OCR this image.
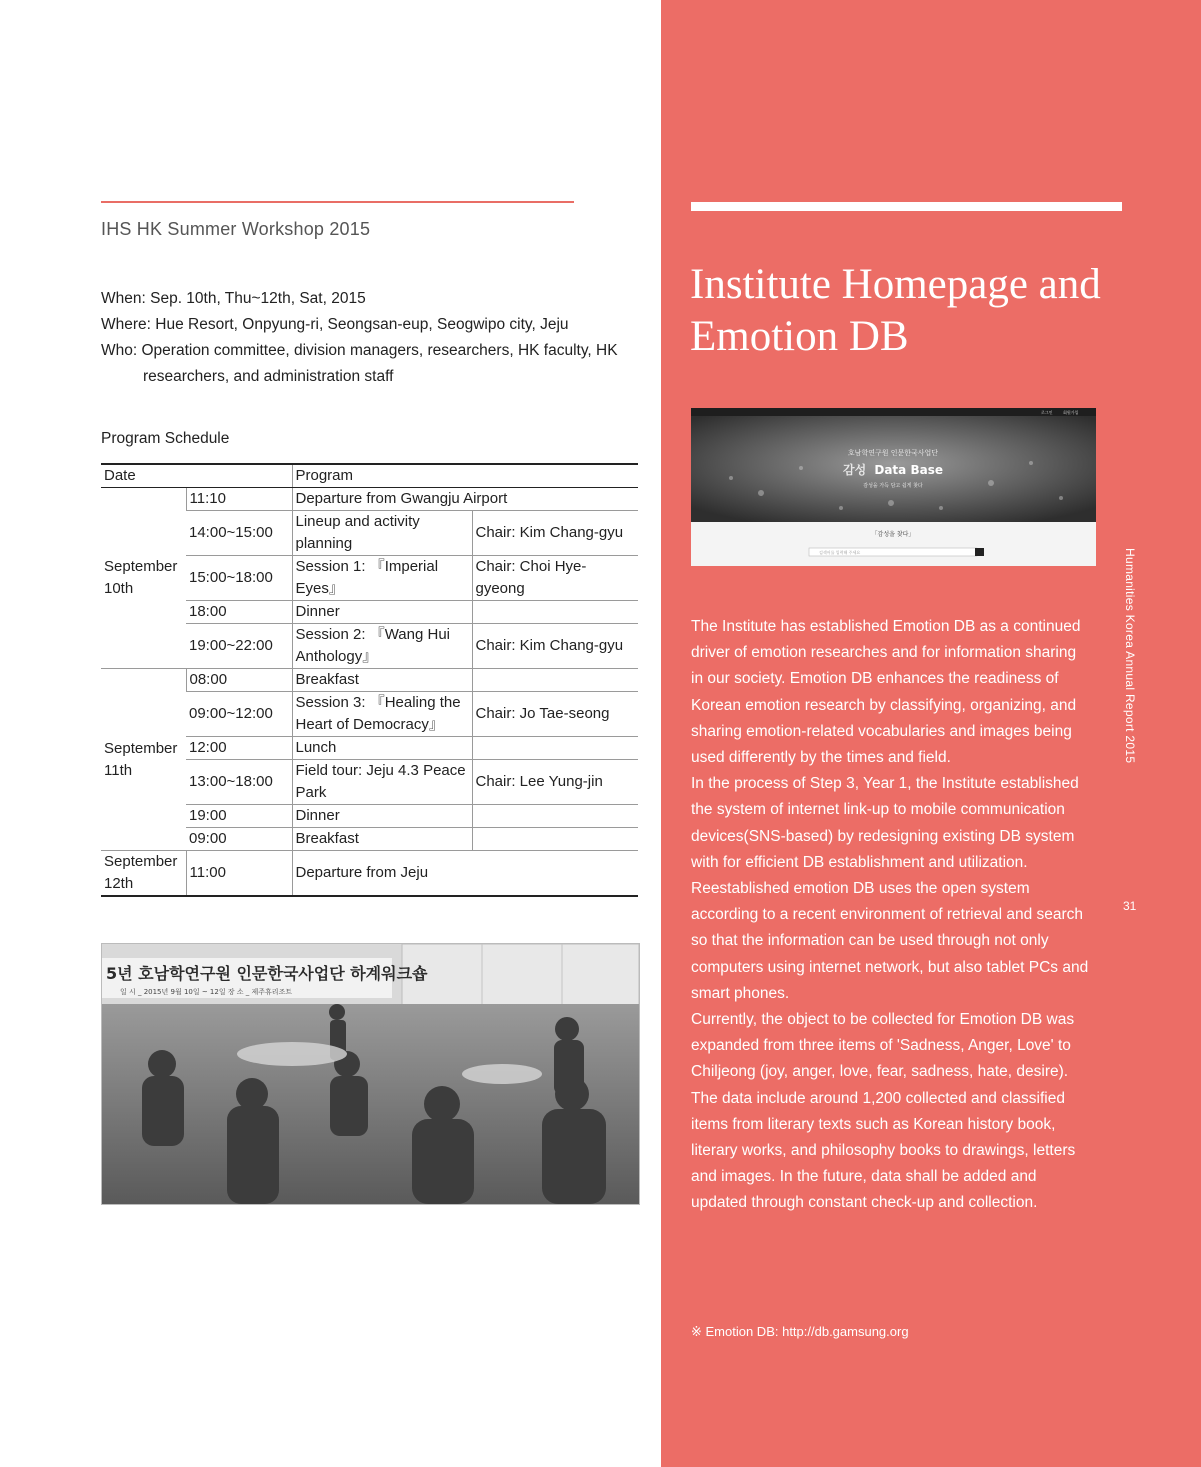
IHS HK Summer Workshop 2015
When: Sep. 10th, Thu~12th, Sat, 2015
Where: Hue Resort, Onpyung-ri, Seongsan-eup, Seogwipo city, Jeju
Who: Operation committee, division managers, researchers, HK faculty, HK
researchers, and administration staff
Program Schedule
Date		Program	
September 10th	11:10	Departure from Gwangju Airport	
	14:00~15:00	Lineup and activity planning	Chair: Kim Chang-gyu
	15:00~18:00	Session 1: 『Imperial Eyes』	Chair: Choi Hye-gyeong
	18:00	Dinner	
	19:00~22:00	Session 2: 『Wang Hui Anthology』	Chair: Kim Chang-gyu
September 11th	08:00	Breakfast	
	09:00~12:00	Session 3: 『Healing the Heart of Democracy』	Chair: Jo Tae-seong
	12:00	Lunch	
	13:00~18:00	Field tour: Jeju 4.3 Peace Park	Chair: Lee Yung-jin
	19:00	Dinner	
	09:00	Breakfast	
September 12th	11:00	Departure from Jeju	
5년 호남학연구원 인문한국사업단 하계워크숍
일 시 _ 2015년 9월 10일 ~ 12일 장 소 _ 제주휴리조트
Institute Homepage and Emotion DB
로그인	회원가입
호남학연구원 인문한국사업단
감성 Data Base
감성을 가득 담고 쉽게 찾다
「감성을 찾다」
검색어를 입력해 주세요

The Institute has established Emotion DB as a continued driver of emotion researches and for information sharing in our society. Emotion DB enhances the readiness of Korean emotion research by classifying, organizing, and sharing emotion-related vocabularies and images being used differently by the times and field.

In the process of Step 3, Year 1, the Institute established the system of internet link-up to mobile communication devices(SNS-based) by redesigning existing DB system with for efficient DB establishment and utilization. Reestablished emotion DB uses the open system according to a recent environment of retrieval and search so that the information can be used through not only computers using internet network, but also tablet PCs and smart phones.

Currently, the object to be collected for Emotion DB was expanded from three items of 'Sadness, Anger, Love' to Chiljeong (joy, anger, love, fear, sadness, hate, desire). The data include around 1,200 collected and classified items from literary texts such as Korean history book, literary works, and philosophy books to drawings, letters and images. In the future, data shall be added and updated through constant check-up and collection.

※ Emotion DB: http://db.gamsung.org
Humanities Korea Annual Report 2015
31
